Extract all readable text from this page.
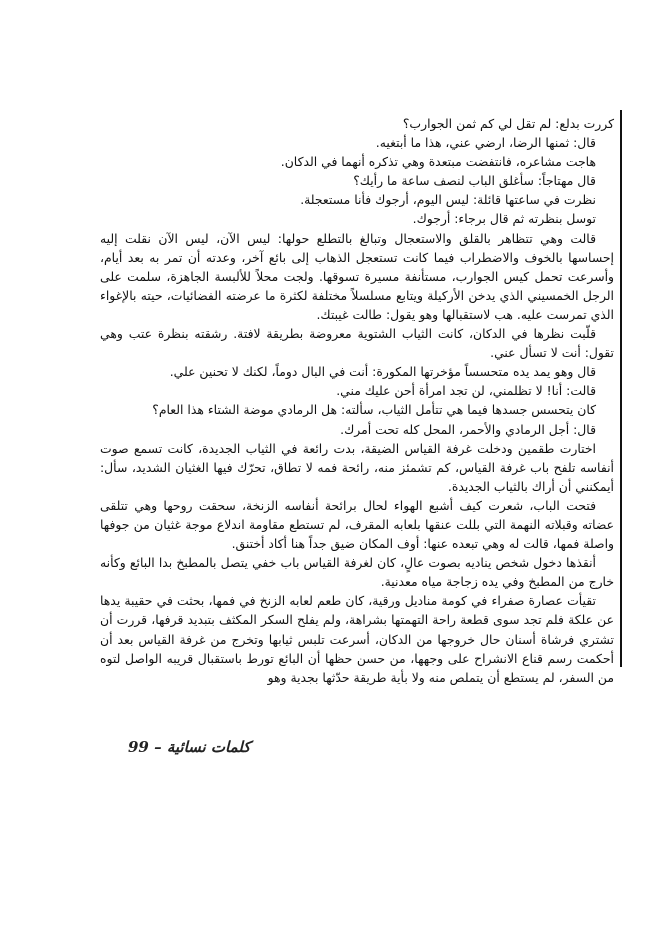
كررت بدلع: لم تقل لي كم ثمن الجوارب؟

قال: ثمنها الرضا، ارضي عني، هذا ما أبتغيه.

هاجت مشاعره، فانتفضت مبتعدة وهي تذكره أنهما في الدكان.

قال مهتاجاً: سأغلق الباب لنصف ساعة ما رأيك؟

نظرت في ساعتها قائلة: ليس اليوم، أرجوك فأنا مستعجلة.

توسل بنظرته ثم قال برجاء: أرجوك.

قالت وهي تتظاهر بالقلق والاستعجال وتبالغ بالتطلع حولها: ليس الآن، ليس الآن نقلت إليه إحساسها بالخوف والاضطراب فيما كانت تستعجل الذهاب إلى بائع آخر، وعدته أن تمر به بعد أيام، وأسرعت تحمل كيس الجوارب، مستأنفة مسيرة تسوقها. ولجت محلاً للألبسة الجاهزة، سلمت على الرجل الخمسيني الذي يدخن الأركيلة ويتابع مسلسلاً مختلفة لكثرة ما عرضته الفضائيات، حيته بالإغواء الذي تمرست عليه. هب لاستقبالها وهو يقول: طالت غيبتك.

قلّبت نظرها في الدكان، كانت الثياب الشتوية معروضة بطريقة لافتة. رشقته بنظرة عتب وهي تقول: أنت لا تسأل عني.

قال وهو يمد يده متحسساً مؤخرتها المكورة: أنت في البال دوماً، لكنك لا تحنين علي.

قالت: أنا! لا تظلمني، لن تجد امرأة أحن عليك مني.

كان يتحسس جسدها فيما هي تتأمل الثياب، سألته: هل الرمادي موضة الشتاء هذا العام؟

قال: أجل الرمادي والأحمر، المحل كله تحت أمرك.

اختارت طقمين ودخلت غرفة القياس الضيقة، بدت رائعة في الثياب الجديدة، كانت تسمع صوت أنفاسه تلفح باب غرفة القياس، كم تشمئز منه، رائحة فمه لا تطاق، تحرّك فيها الغثيان الشديد، سأل: أيمكنني أن أراك بالثياب الجديدة.

فتحت الباب، شعرت كيف أشبع الهواء لحال برائحة أنفاسه الزنخة، سحقت روحها وهي تتلقى عضاته وقبلاته النهمة التي بللت عنقها بلعابه المقرف، لم تستطع مقاومة اندلاع موجة غثيان من جوفها واصلة فمها، قالت له وهي تبعده عنها: أوف المكان ضيق جداً هنا أكاد أختنق.

أنقذها دخول شخص يناديه بصوت عالٍ، كان لغرفة القياس باب خفي يتصل بالمطبخ بدا البائع وكأنه خارج من المطبخ وفي يده زجاجة مياه معدنية.

تقيأت عصارة صفراء في كومة مناديل ورقية، كان طعم لعابه الزنخ في فمها، بحثت في حقيبة يدها عن علكة فلم تجد سوى قطعة راحة التهمتها بشراهة، ولم يفلح السكر المكثف بتبديد قرفها، قررت أن تشتري فرشاة أسنان حال خروجها من الدكان، أسرعت تلبس ثيابها وتخرج من غرفة القياس بعد أن أحكمت رسم قناع الانشراح على وجهها، من حسن حظها أن البائع تورط باستقبال قريبه الواصل لتوه من السفر، لم يستطع أن يتملص منه ولا بأية طريقة حدّثها بجدية وهو

كلمات نسائية – 99
